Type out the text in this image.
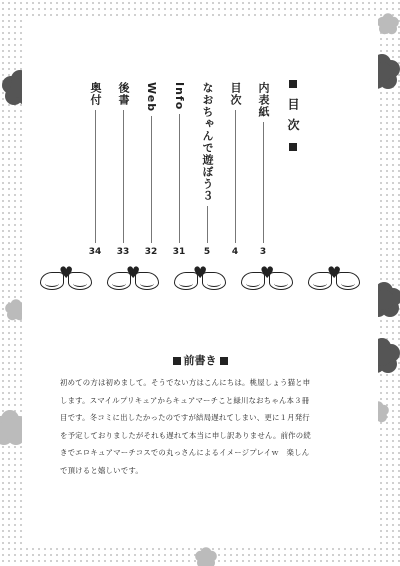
目 次
内表紙
3
目次
4
なおちゃんで遊ぼう３
5
Info
31
Web
32
後書
33
奥付
34
♥	♥	♥	♥	♥
前書き

初めての方は初めまして。そうでない方はこんにちは。桃屋しょう猫と申

します。スマイルプリキュアからキュアマーチこと緑川なおちゃん本３冊

目です。冬コミに出したかったのですが結局遅れてしまい、更に１月発行

を予定しておりましたがそれも遅れて本当に申し訳ありません。前作の続

きでエロキュアマーチコスでの丸っさんによるイメージプレイｗ　楽しん

で頂けると嬉しいです。
